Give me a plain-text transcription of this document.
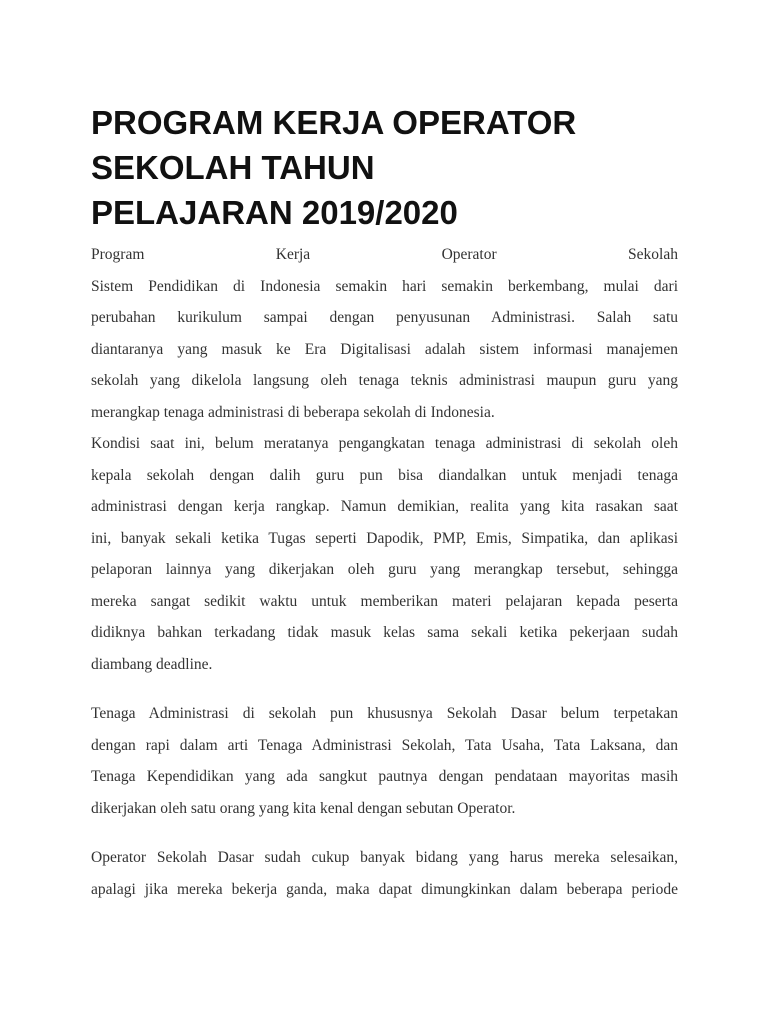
PROGRAM KERJA OPERATOR
SEKOLAH TAHUN
PELAJARAN 2019/2020
Program	Kerja	Operator	Sekolah

Sistem Pendidikan di Indonesia semakin hari semakin berkembang, mulai dari
perubahan kurikulum sampai dengan penyusunan Administrasi. Salah satu
diantaranya yang masuk ke Era Digitalisasi adalah sistem informasi manajemen
sekolah yang dikelola langsung oleh tenaga teknis administrasi maupun guru yang
merangkap tenaga administrasi di beberapa sekolah di Indonesia.

Kondisi saat ini, belum meratanya pengangkatan tenaga administrasi di sekolah oleh
kepala sekolah dengan dalih guru pun bisa diandalkan untuk menjadi tenaga
administrasi dengan kerja rangkap. Namun demikian, realita yang kita rasakan saat
ini, banyak sekali ketika Tugas seperti Dapodik, PMP, Emis, Simpatika, dan aplikasi
pelaporan lainnya yang dikerjakan oleh guru yang merangkap tersebut, sehingga
mereka sangat sedikit waktu untuk memberikan materi pelajaran kepada peserta
didiknya bahkan terkadang tidak masuk kelas sama sekali ketika pekerjaan sudah
diambang deadline.

Tenaga Administrasi di sekolah pun khususnya Sekolah Dasar belum terpetakan
dengan rapi dalam arti Tenaga Administrasi Sekolah, Tata Usaha, Tata Laksana, dan
Tenaga Kependidikan yang ada sangkut pautnya dengan pendataan mayoritas masih
dikerjakan oleh satu orang yang kita kenal dengan sebutan Operator.

Operator Sekolah Dasar sudah cukup banyak bidang yang harus mereka selesaikan,
apalagi jika mereka bekerja ganda, maka dapat dimungkinkan dalam beberapa periode
